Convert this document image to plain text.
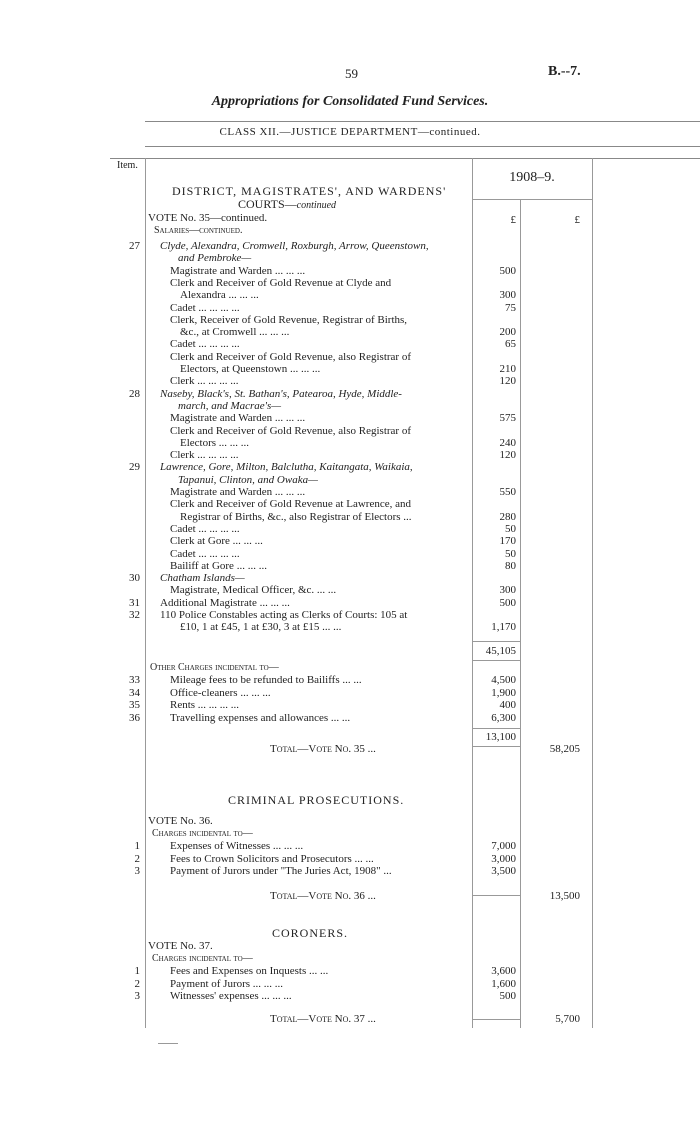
59	B.--7.
Appropriations for Consolidated Fund Services.
CLASS XII.—JUSTICE DEPARTMENT—continued.
Item.
1908–9.
£	£
DISTRICT, MAGISTRATES', AND WARDENS'
COURTS—continued
VOTE No. 35—continued.
Salaries—continued.
27 Clyde, Alexandra, Cromwell, Roxburgh, Arrow, Queenstown,
and Pembroke—
Magistrate and Warden ... ... ...	500
Clerk and Receiver of Gold Revenue at Clyde and
Alexandra ... ... ...	300
Cadet ... ... ... ...	75
Clerk, Receiver of Gold Revenue, Registrar of Births,
&c., at Cromwell ... ... ...	200
Cadet ... ... ... ...	65
Clerk and Receiver of Gold Revenue, also Registrar of
Electors, at Queenstown ... ... ...	210
Clerk ... ... ... ...	120
28 Naseby, Black's, St. Bathan's, Patearoa, Hyde, Middle-
march, and Macrae's—
Magistrate and Warden ... ... ...	575
Clerk and Receiver of Gold Revenue, also Registrar of
Electors ... ... ...	240
Clerk ... ... ... ...	120
29 Lawrence, Gore, Milton, Balclutha, Kaitangata, Waikaia,
Tapanui, Clinton, and Owaka—
Magistrate and Warden ... ... ...	550
Clerk and Receiver of Gold Revenue at Lawrence, and
Registrar of Births, &c., also Registrar of Electors ...	280
Cadet ... ... ... ...	50
Clerk at Gore ... ... ...	170
Cadet ... ... ... ...	50
Bailiff at Gore ... ... ...	80
30 Chatham Islands—
Magistrate, Medical Officer, &c. ... ...	300
31 Additional Magistrate ... ... ...	500
32 110 Police Constables acting as Clerks of Courts: 105 at
£10, 1 at £45, 1 at £30, 3 at £15 ... ...	1,170
45,105
Other Charges incidental to—
33	Mileage fees to be refunded to Bailiffs ... ...	4,500
34	Office-cleaners ... ... ...	1,900
35	Rents ... ... ... ...	400
36	Travelling expenses and allowances ... ...	6,300
13,100
Total—Vote No. 35 ...	58,205
CRIMINAL PROSECUTIONS.
VOTE No. 36.
Charges incidental to—
1	Expenses of Witnesses ... ... ...	7,000
2	Fees to Crown Solicitors and Prosecutors ... ...	3,000
3	Payment of Jurors under "The Juries Act, 1908" ...	3,500
Total—Vote No. 36 ...	13,500
CORONERS.
VOTE No. 37.
Charges incidental to—
1	Fees and Expenses on Inquests ... ...	3,600
2	Payment of Jurors ... ... ...	1,600
3	Witnesses' expenses ... ... ...	500
Total—Vote No. 37 ...	5,700
